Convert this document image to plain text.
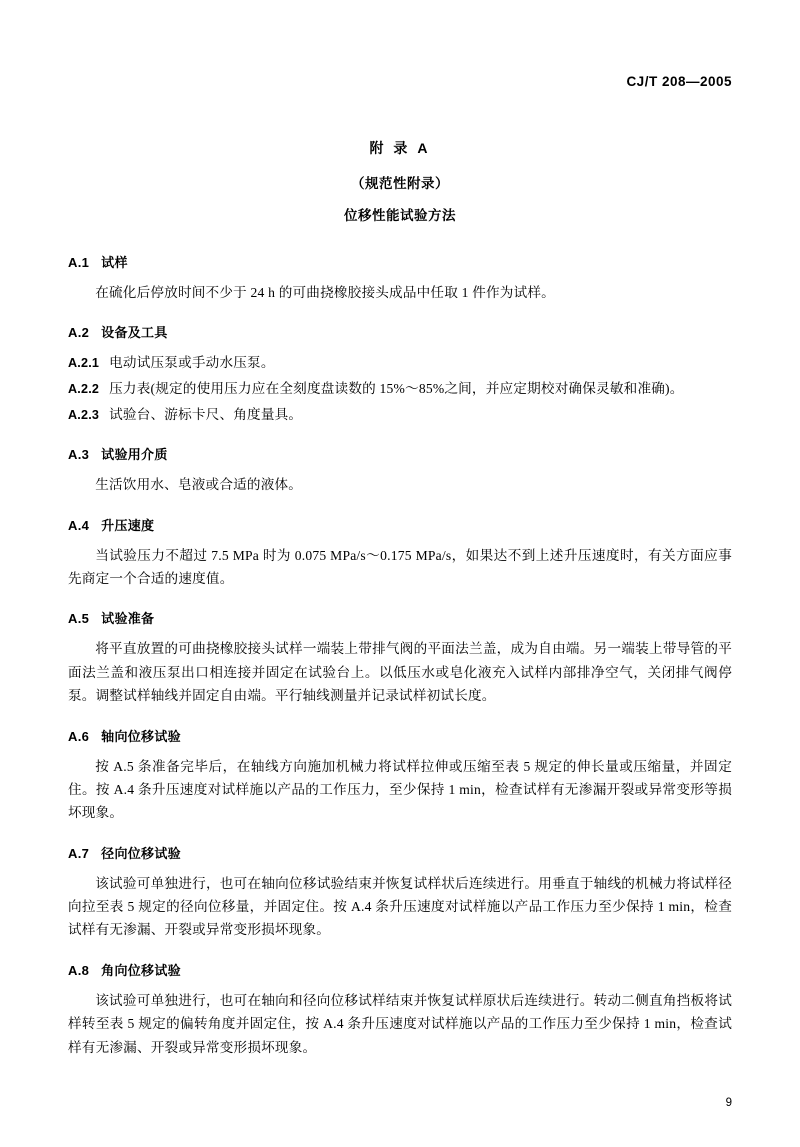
CJ/T 208—2005
附 录 A
（规范性附录）
位移性能试验方法
A.1 试样

在硫化后停放时间不少于 24 h 的可曲挠橡胶接头成品中任取 1 件作为试样。

A.2 设备及工具

A.2.1 电动试压泵或手动水压泵。

A.2.2 压力表(规定的使用压力应在全刻度盘读数的 15%～85%之间，并应定期校对确保灵敏和准确)。

A.2.3 试验台、游标卡尺、角度量具。

A.3 试验用介质

生活饮用水、皂液或合适的液体。

A.4 升压速度

当试验压力不超过 7.5 MPa 时为 0.075 MPa/s～0.175 MPa/s，如果达不到上述升压速度时，有关方面应事先商定一个合适的速度值。

A.5 试验准备

将平直放置的可曲挠橡胶接头试样一端装上带排气阀的平面法兰盖，成为自由端。另一端装上带导管的平面法兰盖和液压泵出口相连接并固定在试验台上。以低压水或皂化液充入试样内部排净空气，关闭排气阀停泵。调整试样轴线并固定自由端。平行轴线测量并记录试样初试长度。

A.6 轴向位移试验

按 A.5 条准备完毕后，在轴线方向施加机械力将试样拉伸或压缩至表 5 规定的伸长量或压缩量，并固定住。按 A.4 条升压速度对试样施以产品的工作压力，至少保持 1 min，检查试样有无渗漏开裂或异常变形等损坏现象。

A.7 径向位移试验

该试验可单独进行，也可在轴向位移试验结束并恢复试样状后连续进行。用垂直于轴线的机械力将试样径向拉至表 5 规定的径向位移量，并固定住。按 A.4 条升压速度对试样施以产品工作压力至少保持 1 min，检查试样有无渗漏、开裂或异常变形损坏现象。

A.8 角向位移试验

该试验可单独进行，也可在轴向和径向位移试样结束并恢复试样原状后连续进行。转动二侧直角挡板将试样转至表 5 规定的偏转角度并固定住，按 A.4 条升压速度对试样施以产品的工作压力至少保持 1 min，检查试样有无渗漏、开裂或异常变形损坏现象。

9
